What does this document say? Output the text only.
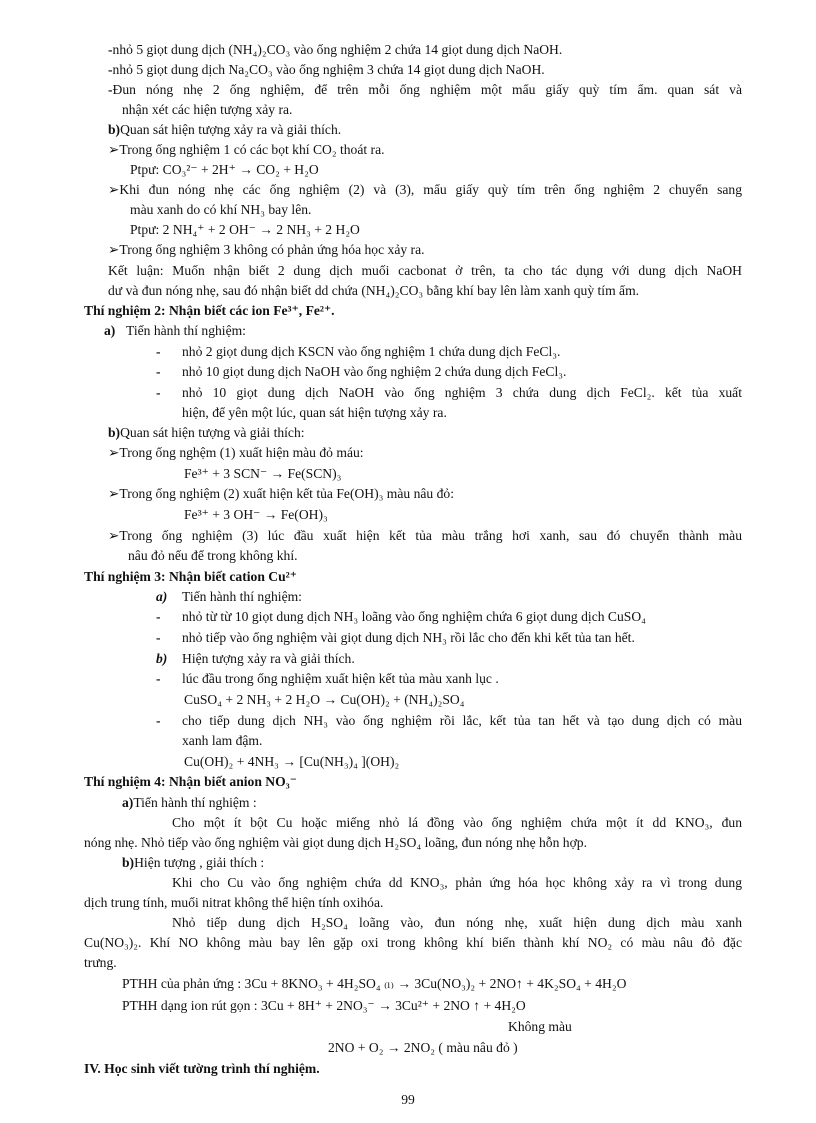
-nhỏ 5 giọt dung dịch (NH₄)₂CO₃ vào ống nghiệm 2 chứa 14 giọt dung dịch NaOH.
-nhỏ 5 giọt dung dịch Na₂CO₃ vào ống nghiệm 3 chứa 14 giọt dung dịch NaOH.
-Đun nóng nhẹ 2 ống nghiệm, để trên mỗi ống nghiệm một mẩu giấy quỳ tím ẩm. quan sát và
nhận xét các hiện tượng xảy ra.
b)Quan sát hiện tượng xảy ra và giải thích.
➢Trong ống nghiệm 1 có các bọt khí CO₂ thoát ra.
Ptpư: CO₃²⁻ + 2H⁺ → CO₂ + H₂O
➢Khi đun nóng nhẹ các ống nghiệm (2) và (3), mẩu giấy quỳ tím trên ống nghiệm 2 chuyển sang
màu xanh do có khí NH₃ bay lên.
Ptpư: 2 NH₄⁺ + 2 OH⁻ → 2 NH₃ + 2 H₂O
➢Trong ống nghiệm 3 không có phản ứng hóa học xảy ra.
Kết luận: Muốn nhận biết 2 dung dịch muối cacbonat ở trên, ta cho tác dụng với dung dịch NaOH
dư và đun nóng nhẹ, sau đó nhận biết dd chứa (NH₄)₂CO₃ bằng khí bay lên làm xanh quỳ tím ẩm.
Thí nghiệm 2: Nhận biết các ion Fe³⁺, Fe²⁺.
a)Tiến hành thí nghiệm:
-nhỏ 2 giọt dung dịch KSCN vào ống nghiệm 1 chứa dung dịch FeCl₃.
-nhỏ 10 giọt dung dịch NaOH vào ống nghiệm 2 chứa dung dịch FeCl₃.
-nhỏ 10 giọt dung dịch NaOH vào ống nghiệm 3 chứa dung dịch FeCl₂. kết tủa xuất
hiện, để yên một lúc, quan sát hiện tượng xảy ra.
b)Quan sát hiện tượng và giải thích:
➢Trong ống nghệm (1) xuất hiện màu đỏ máu:
Fe³⁺ + 3 SCN⁻ → Fe(SCN)₃
➢Trong ống nghiệm (2) xuất hiện kết tủa Fe(OH)₃ màu nâu đỏ:
Fe³⁺ + 3 OH⁻ → Fe(OH)₃
➢Trong ống nghiệm (3) lúc đầu xuất hiện kết tủa màu trắng hơi xanh, sau đó chuyển thành màu
nâu đỏ nếu để trong không khí.
Thí nghiệm 3: Nhận biết cation Cu²⁺
a)Tiến hành thí nghiệm:
-nhỏ từ từ 10 giọt dung dịch NH₃ loãng vào ống nghiệm chứa 6 giọt dung dịch CuSO₄
-nhỏ tiếp vào ống nghiệm vài giọt dung dịch NH₃ rồi lắc cho đến khi kết tủa tan hết.
b)Hiện tượng xảy ra và giải thích.
-lúc đầu trong ống nghiệm xuất hiện kết tủa màu xanh lục .
CuSO₄ + 2 NH₃ + 2 H₂O → Cu(OH)₂ + (NH₄)₂SO₄
-cho tiếp dung dịch NH₃ vào ống nghiệm rồi lắc, kết tủa tan hết và tạo dung dịch có màu
xanh lam đậm.
Cu(OH)₂ + 4NH₃ → [Cu(NH₃)₄ ](OH)₂
Thí nghiệm 4: Nhận biết anion NO₃⁻
a)Tiến hành thí nghiệm :
Cho một ít bột Cu hoặc miếng nhỏ lá đồng vào ống nghiệm chứa một ít dd KNO₃, đun
nóng nhẹ. Nhỏ tiếp vào ống nghiệm vài giọt dung dịch H₂SO₄ loãng, đun nóng nhẹ hỗn hợp.
b)Hiện tượng , giải thích :
Khi cho Cu vào ống nghiệm chứa dd KNO₃, phản ứng hóa học không xảy ra vì trong dung
dịch trung tính, muối nitrat không thể hiện tính oxihóa.
Nhỏ tiếp dung dịch H₂SO₄ loãng vào, đun nóng nhẹ, xuất hiện dung dịch màu xanh
Cu(NO₃)₂. Khí NO không màu bay lên gặp oxi trong không khí biến thành khí NO₂ có màu nâu đỏ đặc
trưng.
PTHH của phản ứng : 3Cu + 8KNO₃ + 4H₂SO₄ ₍ₗ₎ → 3Cu(NO₃)₂ + 2NO↑ + 4K₂SO₄ + 4H₂O
PTHH dạng ion rút gọn : 3Cu + 8H⁺ + 2NO₃⁻ → 3Cu²⁺ + 2NO ↑ + 4H₂O
Không màu
2NO + O₂ → 2NO₂ ( màu nâu đỏ )
IV. Học sinh viết tường trình thí nghiệm.
99
